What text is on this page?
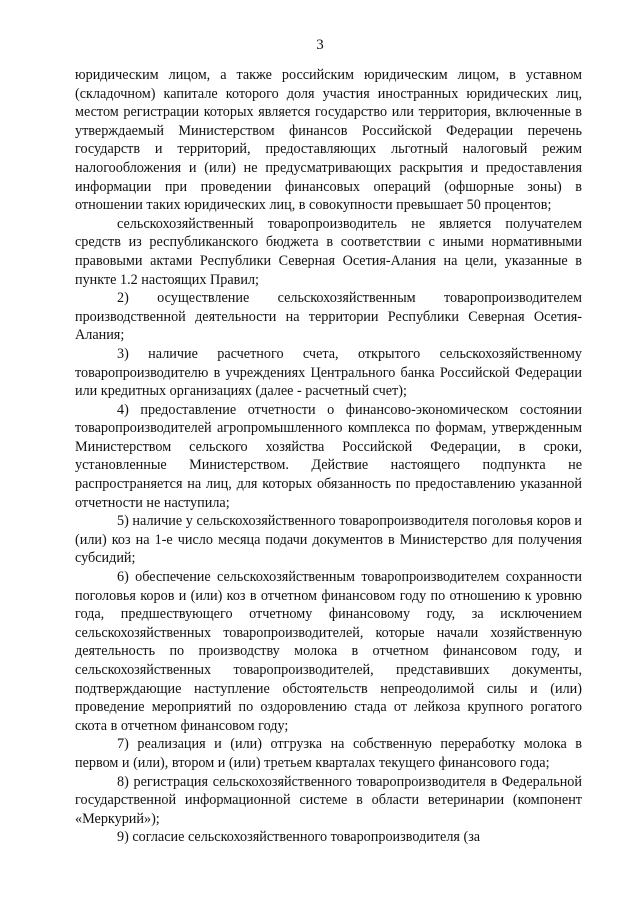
3

юридическим лицом, а также российским юридическим лицом, в уставном (складочном) капитале которого доля участия иностранных юридических лиц, местом регистрации которых является государство или территория, включенные в утверждаемый Министерством финансов Российской Федерации перечень государств и территорий, предоставляющих льготный налоговый режим налогообложения и (или) не предусматривающих раскрытия и предоставления информации при проведении финансовых операций (офшорные зоны) в отношении таких юридических лиц, в совокупности превышает 50 процентов;

сельскохозяйственный товаропроизводитель не является получателем средств из республиканского бюджета в соответствии с иными нормативными правовыми актами Республики Северная Осетия-Алания на цели, указанные в пункте 1.2 настоящих Правил;

2) осуществление сельскохозяйственным товаропроизводителем производственной деятельности на территории Республики Северная Осетия-Алания;

3) наличие расчетного счета, открытого сельскохозяйственному товаропроизводителю в учреждениях Центрального банка Российской Федерации или кредитных организациях (далее - расчетный счет);

4) предоставление отчетности о финансово-экономическом состоянии товаропроизводителей агропромышленного комплекса по формам, утвержденным Министерством сельского хозяйства Российской Федерации, в сроки, установленные Министерством. Действие настоящего подпункта не распространяется на лиц, для которых обязанность по предоставлению указанной отчетности не наступила;

5) наличие у сельскохозяйственного товаропроизводителя поголовья коров и (или) коз на 1-е число месяца подачи документов в Министерство для получения субсидий;

6) обеспечение сельскохозяйственным товаропроизводителем сохранности поголовья коров и (или) коз в отчетном финансовом году по отношению к уровню года, предшествующего отчетному финансовому году, за исключением сельскохозяйственных товаропроизводителей, которые начали хозяйственную деятельность по производству молока в отчетном финансовом году, и сельскохозяйственных товаропроизводителей, представивших документы, подтверждающие наступление обстоятельств непреодолимой силы и (или) проведение мероприятий по оздоровлению стада от лейкоза крупного рогатого скота в отчетном финансовом году;

7) реализация и (или) отгрузка на собственную переработку молока в первом и (или), втором и (или) третьем кварталах текущего финансового года;

8) регистрация сельскохозяйственного товаропроизводителя в Федеральной государственной информационной системе в области ветеринарии (компонент «Меркурий»);

9) согласие сельскохозяйственного товаропроизводителя (за
